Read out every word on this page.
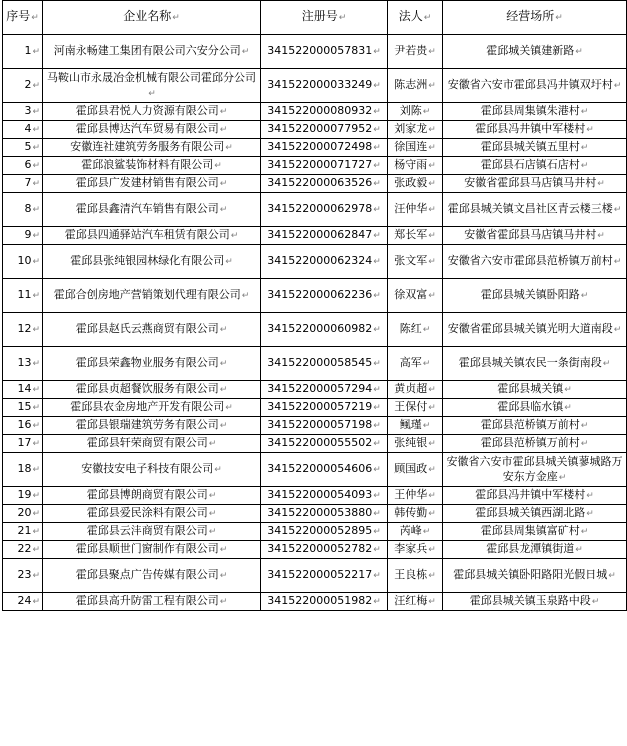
序号 ↵	企业名称 ↵	注册号 ↵	法人 ↵	经营场所 ↵
1 ↵	河南永畅建工集团有限公司六安分公司 ↵	341522000057831 ↵	尹若贵 ↵	霍邱城关镇建新路 ↵
2 ↵	马鞍山市永晟冶金机械有限公司霍邱分公司 ↵	341522000033249 ↵	陈志洲 ↵	安徽省六安市霍邱县冯井镇双圩村 ↵
3 ↵	霍邱县君悦人力资源有限公司 ↵	341522000080932 ↵	刘陈 ↵	霍邱县周集镇朱港村 ↵
4 ↵	霍邱县博达汽车贸易有限公司 ↵	341522000077952 ↵	刘家龙 ↵	霍邱县冯井镇中军楼村 ↵
5 ↵	安徽连社建筑劳务服务有限公司 ↵	341522000072498 ↵	徐国连 ↵	霍邱县城关镇五里村 ↵
6 ↵	霍邱浪鲨装饰材料有限公司 ↵	341522000071727 ↵	杨守雨 ↵	霍邱县石店镇石店村 ↵
7 ↵	霍邱县广发建材销售有限公司 ↵	341522000063526 ↵	张政毅 ↵	安徽省霍邱县马店镇马井村 ↵
8 ↵	霍邱县鑫清汽车销售有限公司 ↵	341522000062978 ↵	汪仲华 ↵	霍邱县城关镇文昌社区青云楼三楼 ↵
9 ↵	霍邱县四通驿站汽车租赁有限公司 ↵	341522000062847 ↵	郑长军 ↵	安徽省霍邱县马店镇马井村 ↵
10 ↵	霍邱县张纯银园林绿化有限公司 ↵	341522000062324 ↵	张文军 ↵	安徽省六安市霍邱县范桥镇万前村 ↵
11 ↵	霍邱合创房地产营销策划代理有限公司 ↵	341522000062236 ↵	徐双富 ↵	霍邱县城关镇卧阳路 ↵
12 ↵	霍邱县赵氏云燕商贸有限公司 ↵	341522000060982 ↵	陈红 ↵	安徽省霍邱县城关镇光明大道南段 ↵
13 ↵	霍邱县荣鑫物业服务有限公司 ↵	341522000058545 ↵	高军 ↵	霍邱县城关镇农民一条街南段 ↵
14 ↵	霍邱县贞超餐饮服务有限公司 ↵	341522000057294 ↵	黄贞超 ↵	霍邱县城关镇 ↵
15 ↵	霍邱县农金房地产开发有限公司 ↵	341522000057219 ↵	王保付 ↵	霍邱县临水镇 ↵
16 ↵	霍邱县银瑞建筑劳务有限公司 ↵	341522000057198 ↵	鲺瑾 ↵	霍邱县范桥镇万前村 ↵
17 ↵	霍邱县轩荣商贸有限公司 ↵	341522000055502 ↵	张纯银 ↵	霍邱县范桥镇万前村 ↵
18 ↵	安徽技安电子科技有限公司 ↵	341522000054606 ↵	顾国政 ↵	安徽省六安市霍邱县城关镇蓼城路万安东方金座 ↵
19 ↵	霍邱县博朗商贸有限公司 ↵	341522000054093 ↵	王仲华 ↵	霍邱县冯井镇中军楼村 ↵
20 ↵	霍邱县爱民涂料有限公司 ↵	341522000053880 ↵	韩传勤 ↵	霍邱县城关镇西湖北路 ↵
21 ↵	霍邱县云沣商贸有限公司 ↵	341522000052895 ↵	芮峰 ↵	霍邱县周集镇富矿村 ↵
22 ↵	霍邱县顺世门窗制作有限公司 ↵	341522000052782 ↵	李家兵 ↵	霍邱县龙潭镇街道 ↵
23 ↵	霍邱县聚点广告传媒有限公司 ↵	341522000052217 ↵	王良栋 ↵	霍邱县城关镇卧阳路阳光假日城 ↵
24 ↵	霍邱县高升防雷工程有限公司 ↵	341522000051982 ↵	汪红梅 ↵	霍邱县城关镇玉泉路中段 ↵
